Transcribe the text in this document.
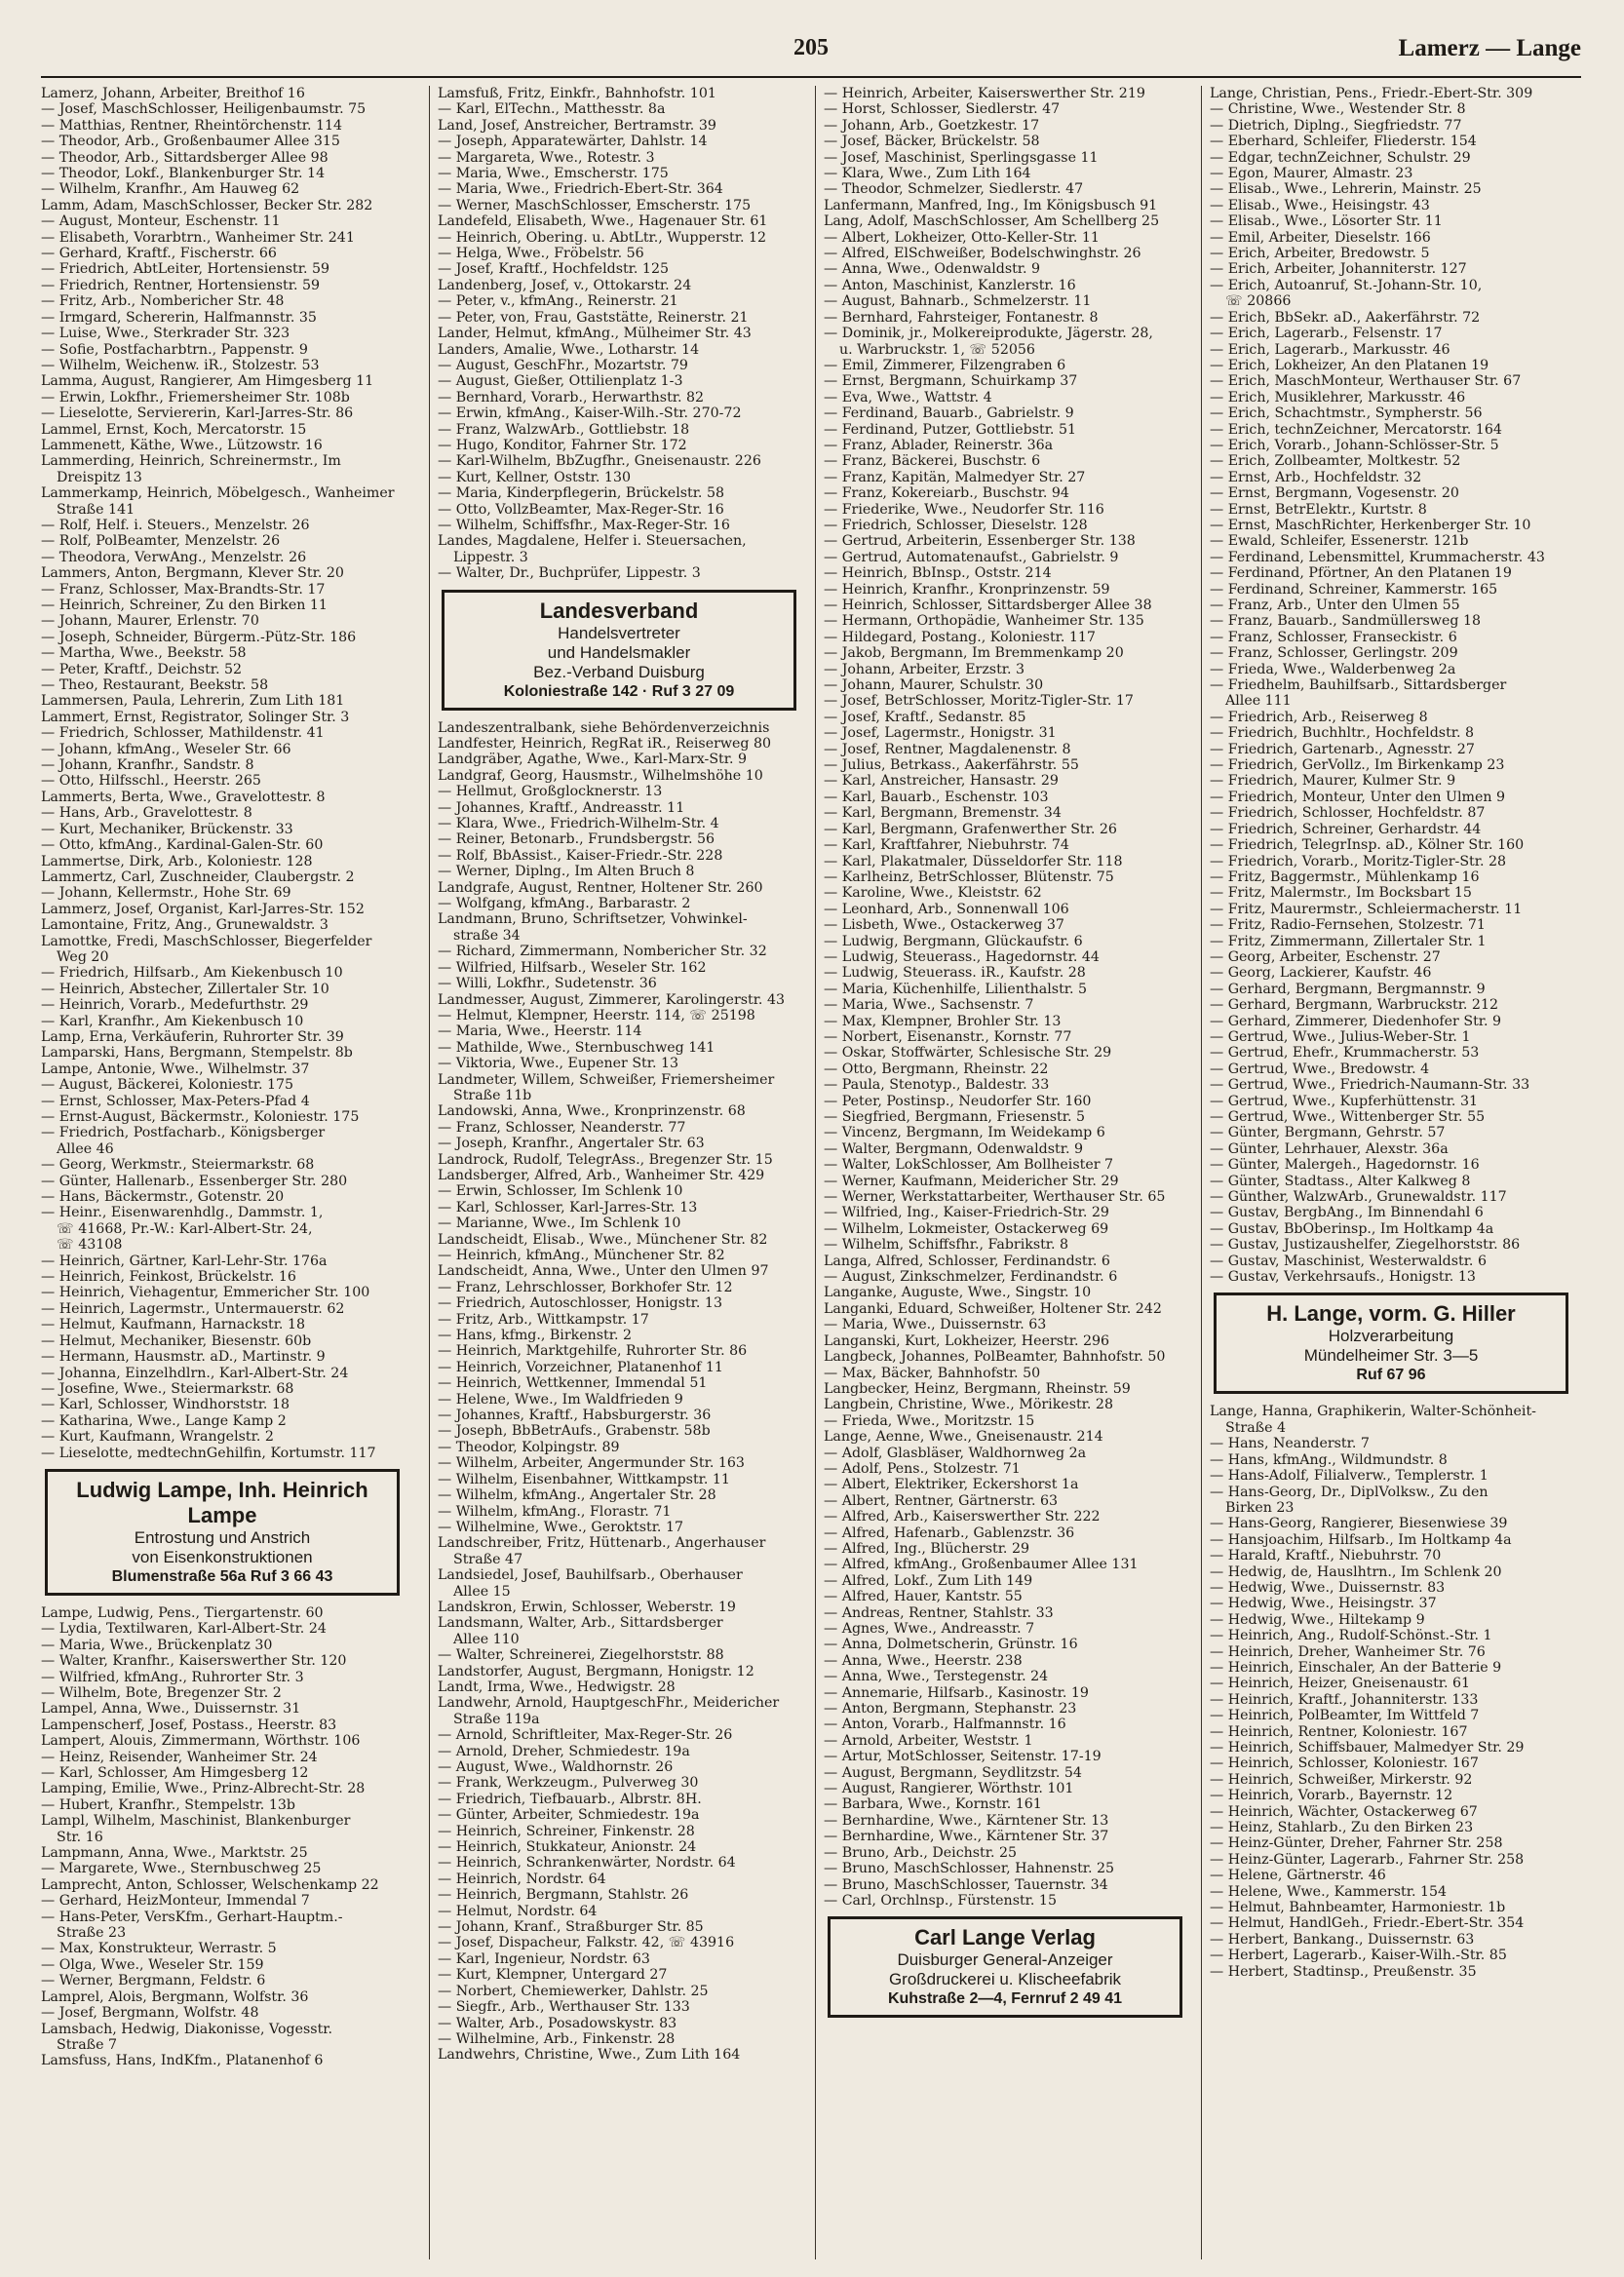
205	Lamerz — Lange
Lamerz, Johann, Arbeiter, Breithof 16
— Josef, MaschSchlosser, Heiligenbaumstr. 75
— Matthias, Rentner, Rheintörchenstr. 114
— Theodor, Arb., Großenbaumer Allee 315
— Theodor, Arb., Sittardsberger Allee 98
— Theodor, Lokf., Blankenburger Str. 14
— Wilhelm, Kranfhr., Am Hauweg 62
Lamm, Adam, MaschSchlosser, Becker Str. 282
— August, Monteur, Eschenstr. 11
— Elisabeth, Vorarbtrn., Wanheimer Str. 241
— Gerhard, Kraftf., Fischerstr. 66
— Friedrich, AbtLeiter, Hortensienstr. 59
— Friedrich, Rentner, Hortensienstr. 59
— Fritz, Arb., Nombericher Str. 48
— Irmgard, Schererin, Halfmannstr. 35
— Luise, Wwe., Sterkrader Str. 323
— Sofie, Postfacharbtrn., Pappenstr. 9
— Wilhelm, Weichenw. iR., Stolzestr. 53
Lamma, August, Rangierer, Am Himgesberg 11
— Erwin, Lokfhr., Friemersheimer Str. 108b
— Lieselotte, Serviererin, Karl-Jarres-Str. 86
Lammel, Ernst, Koch, Mercatorstr. 15
Lammenett, Käthe, Wwe., Lützowstr. 16
Lammerding, Heinrich, Schreinermstr., Im
Dreispitz 13
Lammerkamp, Heinrich, Möbelgesch., Wanheimer
Straße 141
— Rolf, Helf. i. Steuers., Menzelstr. 26
— Rolf, PolBeamter, Menzelstr. 26
— Theodora, VerwAng., Menzelstr. 26
Lammers, Anton, Bergmann, Klever Str. 20
— Franz, Schlosser, Max-Brandts-Str. 17
— Heinrich, Schreiner, Zu den Birken 11
— Johann, Maurer, Erlenstr. 70
— Joseph, Schneider, Bürgerm.-Pütz-Str. 186
— Martha, Wwe., Beekstr. 58
— Peter, Kraftf., Deichstr. 52
— Theo, Restaurant, Beekstr. 58
Lammersen, Paula, Lehrerin, Zum Lith 181
Lammert, Ernst, Registrator, Solinger Str. 3
— Friedrich, Schlosser, Mathildenstr. 41
— Johann, kfmAng., Weseler Str. 66
— Johann, Kranfhr., Sandstr. 8
— Otto, Hilfsschl., Heerstr. 265
Lammerts, Berta, Wwe., Gravelottestr. 8
— Hans, Arb., Gravelottestr. 8
— Kurt, Mechaniker, Brückenstr. 33
— Otto, kfmAng., Kardinal-Galen-Str. 60
Lammertse, Dirk, Arb., Koloniestr. 128
Lammertz, Carl, Zuschneider, Claubergstr. 2
— Johann, Kellermstr., Hohe Str. 69
Lammerz, Josef, Organist, Karl-Jarres-Str. 152
Lamontaine, Fritz, Ang., Grunewaldstr. 3
Lamottke, Fredi, MaschSchlosser, Biegerfelder
Weg 20
— Friedrich, Hilfsarb., Am Kiekenbusch 10
— Heinrich, Abstecher, Zillertaler Str. 10
— Heinrich, Vorarb., Medefurthstr. 29
— Karl, Kranfhr., Am Kiekenbusch 10
Lamp, Erna, Verkäuferin, Ruhrorter Str. 39
Lamparski, Hans, Bergmann, Stempelstr. 8b
Lampe, Antonie, Wwe., Wilhelmstr. 37
— August, Bäckerei, Koloniestr. 175
— Ernst, Schlosser, Max-Peters-Pfad 4
— Ernst-August, Bäckermstr., Koloniestr. 175
— Friedrich, Postfacharb., Königsberger
Allee 46
— Georg, Werkmstr., Steiermarkstr. 68
— Günter, Hallenarb., Essenberger Str. 280
— Hans, Bäckermstr., Gotenstr. 20
— Heinr., Eisenwarenhdlg., Dammstr. 1,
☏ 41668, Pr.-W.: Karl-Albert-Str. 24,
☏ 43108
— Heinrich, Gärtner, Karl-Lehr-Str. 176a
— Heinrich, Feinkost, Brückelstr. 16
— Heinrich, Viehagentur, Emmericher Str. 100
— Heinrich, Lagermstr., Untermauerstr. 62
— Helmut, Kaufmann, Harnackstr. 18
— Helmut, Mechaniker, Biesenstr. 60b
— Hermann, Hausmstr. aD., Martinstr. 9
— Johanna, Einzelhdlrn., Karl-Albert-Str. 24
— Josefine, Wwe., Steiermarkstr. 68
— Karl, Schlosser, Windhorststr. 18
— Katharina, Wwe., Lange Kamp 2
— Kurt, Kaufmann, Wrangelstr. 2
— Lieselotte, medtechnGehilfin, Kortumstr. 117
Ludwig Lampe, Inh. Heinrich Lampe
Entrostung und Anstrich
von Eisenkonstruktionen
Blumenstraße 56a Ruf 3 66 43
Lampe, Ludwig, Pens., Tiergartenstr. 60
— Lydia, Textilwaren, Karl-Albert-Str. 24
— Maria, Wwe., Brückenplatz 30
— Walter, Kranfhr., Kaiserswerther Str. 120
— Wilfried, kfmAng., Ruhrorter Str. 3
— Wilhelm, Bote, Bregenzer Str. 2
Lampel, Anna, Wwe., Duissernstr. 31
Lampenscherf, Josef, Postass., Heerstr. 83
Lampert, Alouis, Zimmermann, Wörthstr. 106
— Heinz, Reisender, Wanheimer Str. 24
— Karl, Schlosser, Am Himgesberg 12
Lamping, Emilie, Wwe., Prinz-Albrecht-Str. 28
— Hubert, Kranfhr., Stempelstr. 13b
Lampl, Wilhelm, Maschinist, Blankenburger
Str. 16
Lampmann, Anna, Wwe., Marktstr. 25
— Margarete, Wwe., Sternbuschweg 25
Lamprecht, Anton, Schlosser, Welschenkamp 22
— Gerhard, HeizMonteur, Immendal 7
— Hans-Peter, VersKfm., Gerhart-Hauptm.-
Straße 23
— Max, Konstrukteur, Werrastr. 5
— Olga, Wwe., Weseler Str. 159
— Werner, Bergmann, Feldstr. 6
Lamprel, Alois, Bergmann, Wolfstr. 36
— Josef, Bergmann, Wolfstr. 48
Lamsbach, Hedwig, Diakonisse, Vogesstr.
Straße 7
Lamsfuss, Hans, IndKfm., Platanenhof 6
Lamsfuß, Fritz, Einkfr., Bahnhofstr. 101
— Karl, ElTechn., Matthesstr. 8a
Land, Josef, Anstreicher, Bertramstr. 39
— Joseph, Apparatewärter, Dahlstr. 14
— Margareta, Wwe., Rotestr. 3
— Maria, Wwe., Emscherstr. 175
— Maria, Wwe., Friedrich-Ebert-Str. 364
— Werner, MaschSchlosser, Emscherstr. 175
Landefeld, Elisabeth, Wwe., Hagenauer Str. 61
— Heinrich, Obering. u. AbtLtr., Wupperstr. 12
— Helga, Wwe., Fröbelstr. 56
— Josef, Kraftf., Hochfeldstr. 125
Landenberg, Josef, v., Ottokarstr. 24
— Peter, v., kfmAng., Reinerstr. 21
— Peter, von, Frau, Gaststätte, Reinerstr. 21
Lander, Helmut, kfmAng., Mülheimer Str. 43
Landers, Amalie, Wwe., Lotharstr. 14
— August, GeschFhr., Mozartstr. 79
— August, Gießer, Ottilienplatz 1-3
— Bernhard, Vorarb., Herwarthstr. 82
— Erwin, kfmAng., Kaiser-Wilh.-Str. 270-72
— Franz, WalzwArb., Gottliebstr. 18
— Hugo, Konditor, Fahrner Str. 172
— Karl-Wilhelm, BbZugfhr., Gneisenaustr. 226
— Kurt, Kellner, Oststr. 130
— Maria, Kinderpflegerin, Brückelstr. 58
— Otto, VollzBeamter, Max-Reger-Str. 16
— Wilhelm, Schiffsfhr., Max-Reger-Str. 16
Landes, Magdalene, Helfer i. Steuersachen,
Lippestr. 3
— Walter, Dr., Buchprüfer, Lippestr. 3
Landesverband
Handelsvertreter
und Handelsmakler
Bez.-Verband Duisburg
Koloniestraße 142 · Ruf 3 27 09
Landeszentralbank, siehe Behördenverzeichnis
Landfester, Heinrich, RegRat iR., Reiserweg 80
Landgräber, Agathe, Wwe., Karl-Marx-Str. 9
Landgraf, Georg, Hausmstr., Wilhelmshöhe 10
— Hellmut, Großglocknerstr. 13
— Johannes, Kraftf., Andreasstr. 11
— Klara, Wwe., Friedrich-Wilhelm-Str. 4
— Reiner, Betonarb., Frundsbergstr. 56
— Rolf, BbAssist., Kaiser-Friedr.-Str. 228
— Werner, Diplng., Im Alten Bruch 8
Landgrafe, August, Rentner, Holtener Str. 260
— Wolfgang, kfmAng., Barbarastr. 2
Landmann, Bruno, Schriftsetzer, Vohwinkel-
straße 34
— Richard, Zimmermann, Nombericher Str. 32
— Wilfried, Hilfsarb., Weseler Str. 162
— Willi, Lokfhr., Sudetenstr. 36
Landmesser, August, Zimmerer, Karolingerstr. 43
— Helmut, Klempner, Heerstr. 114, ☏ 25198
— Maria, Wwe., Heerstr. 114
— Mathilde, Wwe., Sternbuschweg 141
— Viktoria, Wwe., Eupener Str. 13
Landmeter, Willem, Schweißer, Friemersheimer
Straße 11b
Landowski, Anna, Wwe., Kronprinzenstr. 68
— Franz, Schlosser, Neanderstr. 77
— Joseph, Kranfhr., Angertaler Str. 63
Landrock, Rudolf, TelegrAss., Bregenzer Str. 15
Landsberger, Alfred, Arb., Wanheimer Str. 429
— Erwin, Schlosser, Im Schlenk 10
— Karl, Schlosser, Karl-Jarres-Str. 13
— Marianne, Wwe., Im Schlenk 10
Landscheidt, Elisab., Wwe., Münchener Str. 82
— Heinrich, kfmAng., Münchener Str. 82
Landscheidt, Anna, Wwe., Unter den Ulmen 97
— Franz, Lehrschlosser, Borkhofer Str. 12
— Friedrich, Autoschlosser, Honigstr. 13
— Fritz, Arb., Wittkampstr. 17
— Hans, kfmg., Birkenstr. 2
— Heinrich, Marktgehilfe, Ruhrorter Str. 86
— Heinrich, Vorzeichner, Platanenhof 11
— Heinrich, Wettkenner, Immendal 51
— Helene, Wwe., Im Waldfrieden 9
— Johannes, Kraftf., Habsburgerstr. 36
— Joseph, BbBetrAufs., Grabenstr. 58b
— Theodor, Kolpingstr. 89
— Wilhelm, Arbeiter, Angermunder Str. 163
— Wilhelm, Eisenbahner, Wittkampstr. 11
— Wilhelm, kfmAng., Angertaler Str. 28
— Wilhelm, kfmAng., Florastr. 71
— Wilhelmine, Wwe., Geroktstr. 17
Landschreiber, Fritz, Hüttenarb., Angerhauser
Straße 47
Landsiedel, Josef, Bauhilfsarb., Oberhauser
Allee 15
Landskron, Erwin, Schlosser, Weberstr. 19
Landsmann, Walter, Arb., Sittardsberger
Allee 110
— Walter, Schreinerei, Ziegelhorststr. 88
Landstorfer, August, Bergmann, Honigstr. 12
Landt, Irma, Wwe., Hedwigstr. 28
Landwehr, Arnold, HauptgeschFhr., Meidericher
Straße 119a
— Arnold, Schriftleiter, Max-Reger-Str. 26
— Arnold, Dreher, Schmiedestr. 19a
— August, Wwe., Waldhornstr. 26
— Frank, Werkzeugm., Pulverweg 30
— Friedrich, Tiefbauarb., Albrstr. 8H.
— Günter, Arbeiter, Schmiedestr. 19a
— Heinrich, Schreiner, Finkenstr. 28
— Heinrich, Stukkateur, Anionstr. 24
— Heinrich, Schrankenwärter, Nordstr. 64
— Heinrich, Nordstr. 64
— Heinrich, Bergmann, Stahlstr. 26
— Helmut, Nordstr. 64
— Johann, Kranf., Straßburger Str. 85
— Josef, Dispacheur, Falkstr. 42, ☏ 43916
— Karl, Ingenieur, Nordstr. 63
— Kurt, Klempner, Untergard 27
— Norbert, Chemiewerker, Dahlstr. 25
— Siegfr., Arb., Werthauser Str. 133
— Walter, Arb., Posadowskystr. 83
— Wilhelmine, Arb., Finkenstr. 28
Landwehrs, Christine, Wwe., Zum Lith 164
— Heinrich, Arbeiter, Kaiserswerther Str. 219
— Horst, Schlosser, Siedlerstr. 47
— Johann, Arb., Goetzkestr. 17
— Josef, Bäcker, Brückelstr. 58
— Josef, Maschinist, Sperlingsgasse 11
— Klara, Wwe., Zum Lith 164
— Theodor, Schmelzer, Siedlerstr. 47
Lanfermann, Manfred, Ing., Im Königsbusch 91
Lang, Adolf, MaschSchlosser, Am Schellberg 25
— Albert, Lokheizer, Otto-Keller-Str. 11
— Alfred, ElSchweißer, Bodelschwinghstr. 26
— Anna, Wwe., Odenwaldstr. 9
— Anton, Maschinist, Kanzlerstr. 16
— August, Bahnarb., Schmelzerstr. 11
— Bernhard, Fahrsteiger, Fontanestr. 8
— Dominik, jr., Molkereiprodukte, Jägerstr. 28,
u. Warbruckstr. 1, ☏ 52056
— Emil, Zimmerer, Filzengraben 6
— Ernst, Bergmann, Schuirkamp 37
— Eva, Wwe., Wattstr. 4
— Ferdinand, Bauarb., Gabrielstr. 9
— Ferdinand, Putzer, Gottliebstr. 51
— Franz, Ablader, Reinerstr. 36a
— Franz, Bäckerei, Buschstr. 6
— Franz, Kapitän, Malmedyer Str. 27
— Franz, Kokereiarb., Buschstr. 94
— Friederike, Wwe., Neudorfer Str. 116
— Friedrich, Schlosser, Dieselstr. 128
— Gertrud, Arbeiterin, Essenberger Str. 138
— Gertrud, Automatenaufst., Gabrielstr. 9
— Heinrich, BbInsp., Oststr. 214
— Heinrich, Kranfhr., Kronprinzenstr. 59
— Heinrich, Schlosser, Sittardsberger Allee 38
— Hermann, Orthopädie, Wanheimer Str. 135
— Hildegard, Postang., Koloniestr. 117
— Jakob, Bergmann, Im Bremmenkamp 20
— Johann, Arbeiter, Erzstr. 3
— Johann, Maurer, Schulstr. 30
— Josef, BetrSchlosser, Moritz-Tigler-Str. 17
— Josef, Kraftf., Sedanstr. 85
— Josef, Lagermstr., Honigstr. 31
— Josef, Rentner, Magdalenenstr. 8
— Julius, Betrkass., Aakerfährstr. 55
— Karl, Anstreicher, Hansastr. 29
— Karl, Bauarb., Eschenstr. 103
— Karl, Bergmann, Bremenstr. 34
— Karl, Bergmann, Grafenwerther Str. 26
— Karl, Kraftfahrer, Niebuhrstr. 74
— Karl, Plakatmaler, Düsseldorfer Str. 118
— Karlheinz, BetrSchlosser, Blütenstr. 75
— Karoline, Wwe., Kleiststr. 62
— Leonhard, Arb., Sonnenwall 106
— Lisbeth, Wwe., Ostackerweg 37
— Ludwig, Bergmann, Glückaufstr. 6
— Ludwig, Steuerass., Hagedornstr. 44
— Ludwig, Steuerass. iR., Kaufstr. 28
— Maria, Küchenhilfe, Lilienthalstr. 5
— Maria, Wwe., Sachsenstr. 7
— Max, Klempner, Brohler Str. 13
— Norbert, Eisenanstr., Kornstr. 77
— Oskar, Stoffwärter, Schlesische Str. 29
— Otto, Bergmann, Rheinstr. 22
— Paula, Stenotyp., Baldestr. 33
— Peter, Postinsp., Neudorfer Str. 160
— Siegfried, Bergmann, Friesenstr. 5
— Vincenz, Bergmann, Im Weidekamp 6
— Walter, Bergmann, Odenwaldstr. 9
— Walter, LokSchlosser, Am Bollheister 7
— Werner, Kaufmann, Meidericher Str. 29
— Werner, Werkstattarbeiter, Werthauser Str. 65
— Wilfried, Ing., Kaiser-Friedrich-Str. 29
— Wilhelm, Lokmeister, Ostackerweg 69
— Wilhelm, Schiffsfhr., Fabrikstr. 8
Langa, Alfred, Schlosser, Ferdinandstr. 6
— August, Zinkschmelzer, Ferdinandstr. 6
Langanke, Auguste, Wwe., Singstr. 10
Langanki, Eduard, Schweißer, Holtener Str. 242
— Maria, Wwe., Duissernstr. 63
Langanski, Kurt, Lokheizer, Heerstr. 296
Langbeck, Johannes, PolBeamter, Bahnhofstr. 50
— Max, Bäcker, Bahnhofstr. 50
Langbecker, Heinz, Bergmann, Rheinstr. 59
Langbein, Christine, Wwe., Mörikestr. 28
— Frieda, Wwe., Moritzstr. 15
Lange, Aenne, Wwe., Gneisenaustr. 214
— Adolf, Glasbläser, Waldhornweg 2a
— Adolf, Pens., Stolzestr. 71
— Albert, Elektriker, Eckershorst 1a
— Albert, Rentner, Gärtnerstr. 63
— Alfred, Arb., Kaiserswerther Str. 222
— Alfred, Hafenarb., Gablenzstr. 36
— Alfred, Ing., Blücherstr. 29
— Alfred, kfmAng., Großenbaumer Allee 131
— Alfred, Lokf., Zum Lith 149
— Alfred, Hauer, Kantstr. 55
— Andreas, Rentner, Stahlstr. 33
— Agnes, Wwe., Andreasstr. 7
— Anna, Dolmetscherin, Grünstr. 16
— Anna, Wwe., Heerstr. 238
— Anna, Wwe., Terstegenstr. 24
— Annemarie, Hilfsarb., Kasinostr. 19
— Anton, Bergmann, Stephanstr. 23
— Anton, Vorarb., Halfmannstr. 16
— Arnold, Arbeiter, Weststr. 1
— Artur, MotSchlosser, Seitenstr. 17-19
— August, Bergmann, Seydlitzstr. 54
— August, Rangierer, Wörthstr. 101
— Barbara, Wwe., Kornstr. 161
— Bernhardine, Wwe., Kärntener Str. 13
— Bernhardine, Wwe., Kärntener Str. 37
— Bruno, Arb., Deichstr. 25
— Bruno, MaschSchlosser, Hahnenstr. 25
— Bruno, MaschSchlosser, Tauernstr. 34
— Carl, Orchlnsp., Fürstenstr. 15
Carl Lange Verlag
Duisburger General-Anzeiger
Großdruckerei u. Klischeefabrik
Kuhstraße 2—4, Fernruf 2 49 41
Lange, Christian, Pens., Friedr.-Ebert-Str. 309
— Christine, Wwe., Westender Str. 8
— Dietrich, Diplng., Siegfriedstr. 77
— Eberhard, Schleifer, Fliederstr. 154
— Edgar, technZeichner, Schulstr. 29
— Egon, Maurer, Almastr. 23
— Elisab., Wwe., Lehrerin, Mainstr. 25
— Elisab., Wwe., Heisingstr. 43
— Elisab., Wwe., Lösorter Str. 11
— Emil, Arbeiter, Dieselstr. 166
— Erich, Arbeiter, Bredowstr. 5
— Erich, Arbeiter, Johanniterstr. 127
— Erich, Autoanruf, St.-Johann-Str. 10,
☏ 20866
— Erich, BbSekr. aD., Aakerfährstr. 72
— Erich, Lagerarb., Felsenstr. 17
— Erich, Lagerarb., Markusstr. 46
— Erich, Lokheizer, An den Platanen 19
— Erich, MaschMonteur, Werthauser Str. 67
— Erich, Musiklehrer, Markusstr. 46
— Erich, Schachtmstr., Sympherstr. 56
— Erich, technZeichner, Mercatorstr. 164
— Erich, Vorarb., Johann-Schlösser-Str. 5
— Erich, Zollbeamter, Moltkestr. 52
— Ernst, Arb., Hochfeldstr. 32
— Ernst, Bergmann, Vogesenstr. 20
— Ernst, BetrElektr., Kurtstr. 8
— Ernst, MaschRichter, Herkenberger Str. 10
— Ewald, Schleifer, Essenerstr. 121b
— Ferdinand, Lebensmittel, Krummacherstr. 43
— Ferdinand, Pförtner, An den Platanen 19
— Ferdinand, Schreiner, Kammerstr. 165
— Franz, Arb., Unter den Ulmen 55
— Franz, Bauarb., Sandmüllersweg 18
— Franz, Schlosser, Franseckistr. 6
— Franz, Schlosser, Gerlingstr. 209
— Frieda, Wwe., Walderbenweg 2a
— Friedhelm, Bauhilfsarb., Sittardsberger
Allee 111
— Friedrich, Arb., Reiserweg 8
— Friedrich, Buchhltr., Hochfeldstr. 8
— Friedrich, Gartenarb., Agnesstr. 27
— Friedrich, GerVollz., Im Birkenkamp 23
— Friedrich, Maurer, Kulmer Str. 9
— Friedrich, Monteur, Unter den Ulmen 9
— Friedrich, Schlosser, Hochfeldstr. 87
— Friedrich, Schreiner, Gerhardstr. 44
— Friedrich, TelegrInsp. aD., Kölner Str. 160
— Friedrich, Vorarb., Moritz-Tigler-Str. 28
— Fritz, Baggermstr., Mühlenkamp 16
— Fritz, Malermstr., Im Bocksbart 15
— Fritz, Maurermstr., Schleiermacherstr. 11
— Fritz, Radio-Fernsehen, Stolzestr. 71
— Fritz, Zimmermann, Zillertaler Str. 1
— Georg, Arbeiter, Eschenstr. 27
— Georg, Lackierer, Kaufstr. 46
— Gerhard, Bergmann, Bergmannstr. 9
— Gerhard, Bergmann, Warbruckstr. 212
— Gerhard, Zimmerer, Diedenhofer Str. 9
— Gertrud, Wwe., Julius-Weber-Str. 1
— Gertrud, Ehefr., Krummacherstr. 53
— Gertrud, Wwe., Bredowstr. 4
— Gertrud, Wwe., Friedrich-Naumann-Str. 33
— Gertrud, Wwe., Kupferhüttenstr. 31
— Gertrud, Wwe., Wittenberger Str. 55
— Günter, Bergmann, Gehrstr. 57
— Günter, Lehrhauer, Alexstr. 36a
— Günter, Malergeh., Hagedornstr. 16
— Günter, Stadtass., Alter Kalkweg 8
— Günther, WalzwArb., Grunewaldstr. 117
— Gustav, BergbAng., Im Binnendahl 6
— Gustav, BbOberinsp., Im Holtkamp 4a
— Gustav, Justizaushelfer, Ziegelhorststr. 86
— Gustav, Maschinist, Westerwaldstr. 6
— Gustav, Verkehrsaufs., Honigstr. 13
H. Lange, vorm. G. Hiller
Holzverarbeitung
Mündelheimer Str. 3—5
Ruf 67 96
Lange, Hanna, Graphikerin, Walter-Schönheit-
Straße 4
— Hans, Neanderstr. 7
— Hans, kfmAng., Wildmundstr. 8
— Hans-Adolf, Filialverw., Templerstr. 1
— Hans-Georg, Dr., DiplVolksw., Zu den
Birken 23
— Hans-Georg, Rangierer, Biesenwiese 39
— Hansjoachim, Hilfsarb., Im Holtkamp 4a
— Harald, Kraftf., Niebuhrstr. 70
— Hedwig, de, Hauslhtrn., Im Schlenk 20
— Hedwig, Wwe., Duissernstr. 83
— Hedwig, Wwe., Heisingstr. 37
— Hedwig, Wwe., Hiltekamp 9
— Heinrich, Ang., Rudolf-Schönst.-Str. 1
— Heinrich, Dreher, Wanheimer Str. 76
— Heinrich, Einschaler, An der Batterie 9
— Heinrich, Heizer, Gneisenaustr. 61
— Heinrich, Kraftf., Johanniterstr. 133
— Heinrich, PolBeamter, Im Wittfeld 7
— Heinrich, Rentner, Koloniestr. 167
— Heinrich, Schiffsbauer, Malmedyer Str. 29
— Heinrich, Schlosser, Koloniestr. 167
— Heinrich, Schweißer, Mirkerstr. 92
— Heinrich, Vorarb., Bayernstr. 12
— Heinrich, Wächter, Ostackerweg 67
— Heinz, Stahlarb., Zu den Birken 23
— Heinz-Günter, Dreher, Fahrner Str. 258
— Heinz-Günter, Lagerarb., Fahrner Str. 258
— Helene, Gärtnerstr. 46
— Helene, Wwe., Kammerstr. 154
— Helmut, Bahnbeamter, Harmoniestr. 1b
— Helmut, HandlGeh., Friedr.-Ebert-Str. 354
— Herbert, Bankang., Duissernstr. 63
— Herbert, Lagerarb., Kaiser-Wilh.-Str. 85
— Herbert, Stadtinsp., Preußenstr. 35
